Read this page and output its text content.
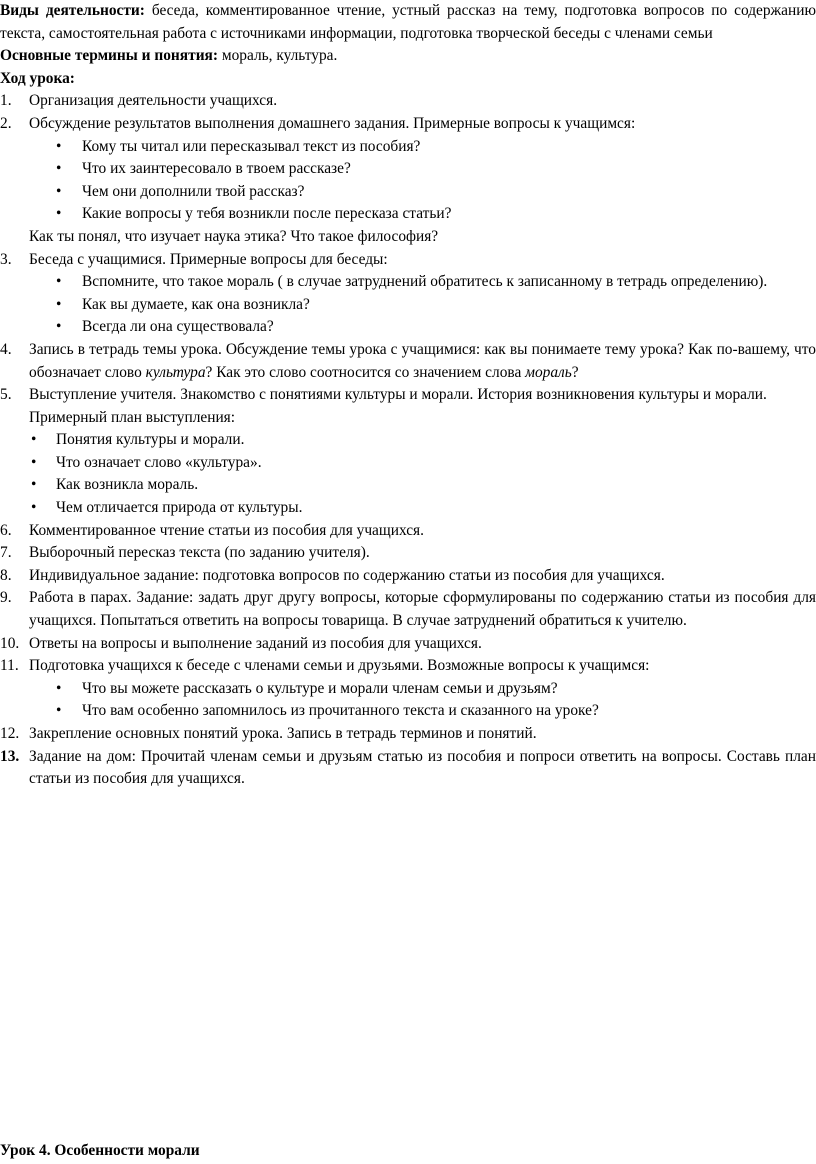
Виды деятельности: беседа, комментированное чтение, устный рассказ на тему, подготовка вопросов по содержанию текста, самостоятельная работа с источниками информации, подготовка творческой беседы с членами семьи

Основные термины и понятия: мораль, культура.

Ход урока:

1.	Организация деятельности учащихся.
2.	Обсуждение результатов выполнения домашнего задания. Примерные вопросы к учащимся:
• Кому ты читал или пересказывал текст из пособия?
• Что их заинтересовало в твоем рассказе?
• Чем они дополнили твой рассказ?
• Какие вопросы у тебя возникли после пересказа статьи?

Как ты понял, что изучает наука этика? Что такое философия?

3.	Беседа с учащимися. Примерные вопросы для беседы:
• Вспомните, что такое мораль ( в случае затруднений обратитесь к записанному в тетрадь определению).
• Как вы думаете, как она возникла?
• Всегда ли она существовала?
4.	Запись в тетрадь темы урока. Обсуждение темы урока с учащимися: как вы понимаете тему урока? Как по-вашему, что обозначает слово культура? Как это слово соотносится со значением слова мораль?
5.	Выступление учителя. Знакомство с понятиями культуры и морали. История возникновения культуры и морали.

Примерный план выступления:

• Понятия культуры и морали.
• Что означает слово «культура».
• Как возникла мораль.
• Чем отличается природа от культуры.
6.	Комментированное чтение статьи из пособия для учащихся.
7.	Выборочный пересказ текста (по заданию учителя).
8.	Индивидуальное задание: подготовка вопросов по содержанию статьи из пособия для учащихся.
9.	Работа в парах. Задание: задать друг другу вопросы, которые сформулированы по содержанию статьи из пособия для учащихся. Попытаться ответить на вопросы товарища. В случае затруднений обратиться к учителю.
10. Ответы на вопросы и выполнение заданий из пособия для учащихся.
11. Подготовка учащихся к беседе с членами семьи и друзьями. Возможные вопросы к учащимся:
• Что вы можете рассказать о культуре и морали членам семьи и друзьям?
• Что вам особенно запомнилось из прочитанного текста и сказанного на уроке?
12. Закрепление основных понятий урока. Запись в тетрадь терминов и понятий.
13. Задание на дом: Прочитай членам семьи и друзьям статью из пособия и попроси ответить на вопросы. Составь план статьи из пособия для учащихся.
Урок 4. Особенности морали
